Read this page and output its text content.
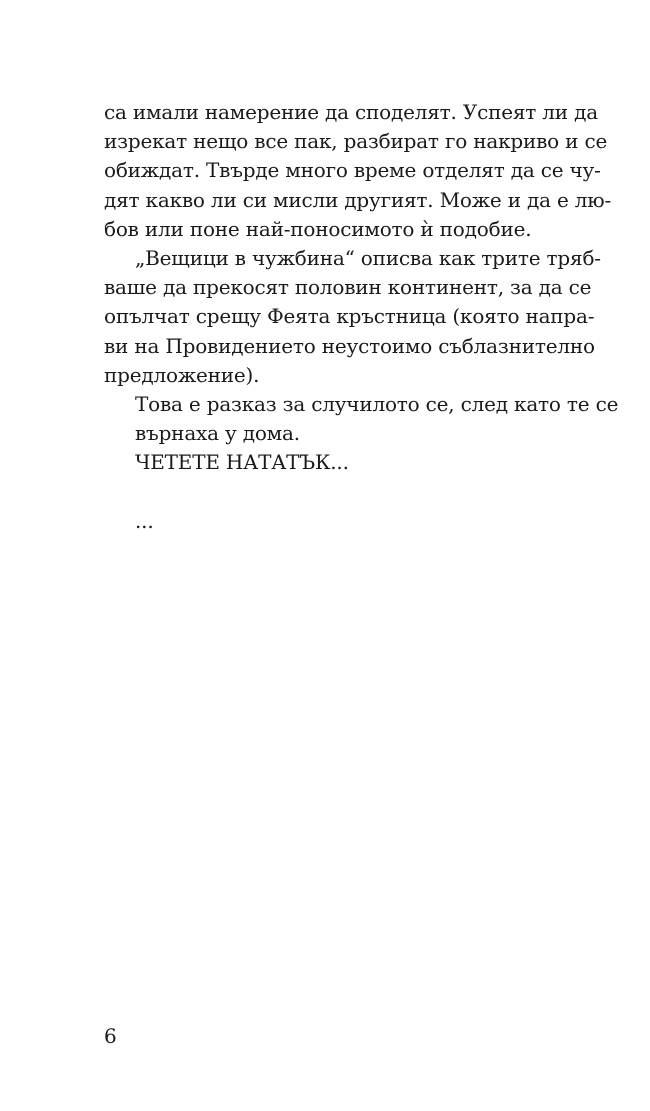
са имали намерение да споделят. Успеят ли да
изрекат нещо все пак, разбират го накриво и се
обиждат. Твърде много време отделят да се чу-
дят какво ли си мисли другият. Може и да е лю-
бов или поне най-поносимото ѝ подобие.
„Вещици в чужбина“ описва как трите тряб-
ваше да прекосят половин континент, за да се
опълчат срещу Феята кръстница (която напра-
ви на Провидението неустоимо съблазнително
предложение).
Това е разказ за случилото се, след като те се
върнаха у дома.
ЧЕТЕТЕ НАТАТЪК...
...
6
